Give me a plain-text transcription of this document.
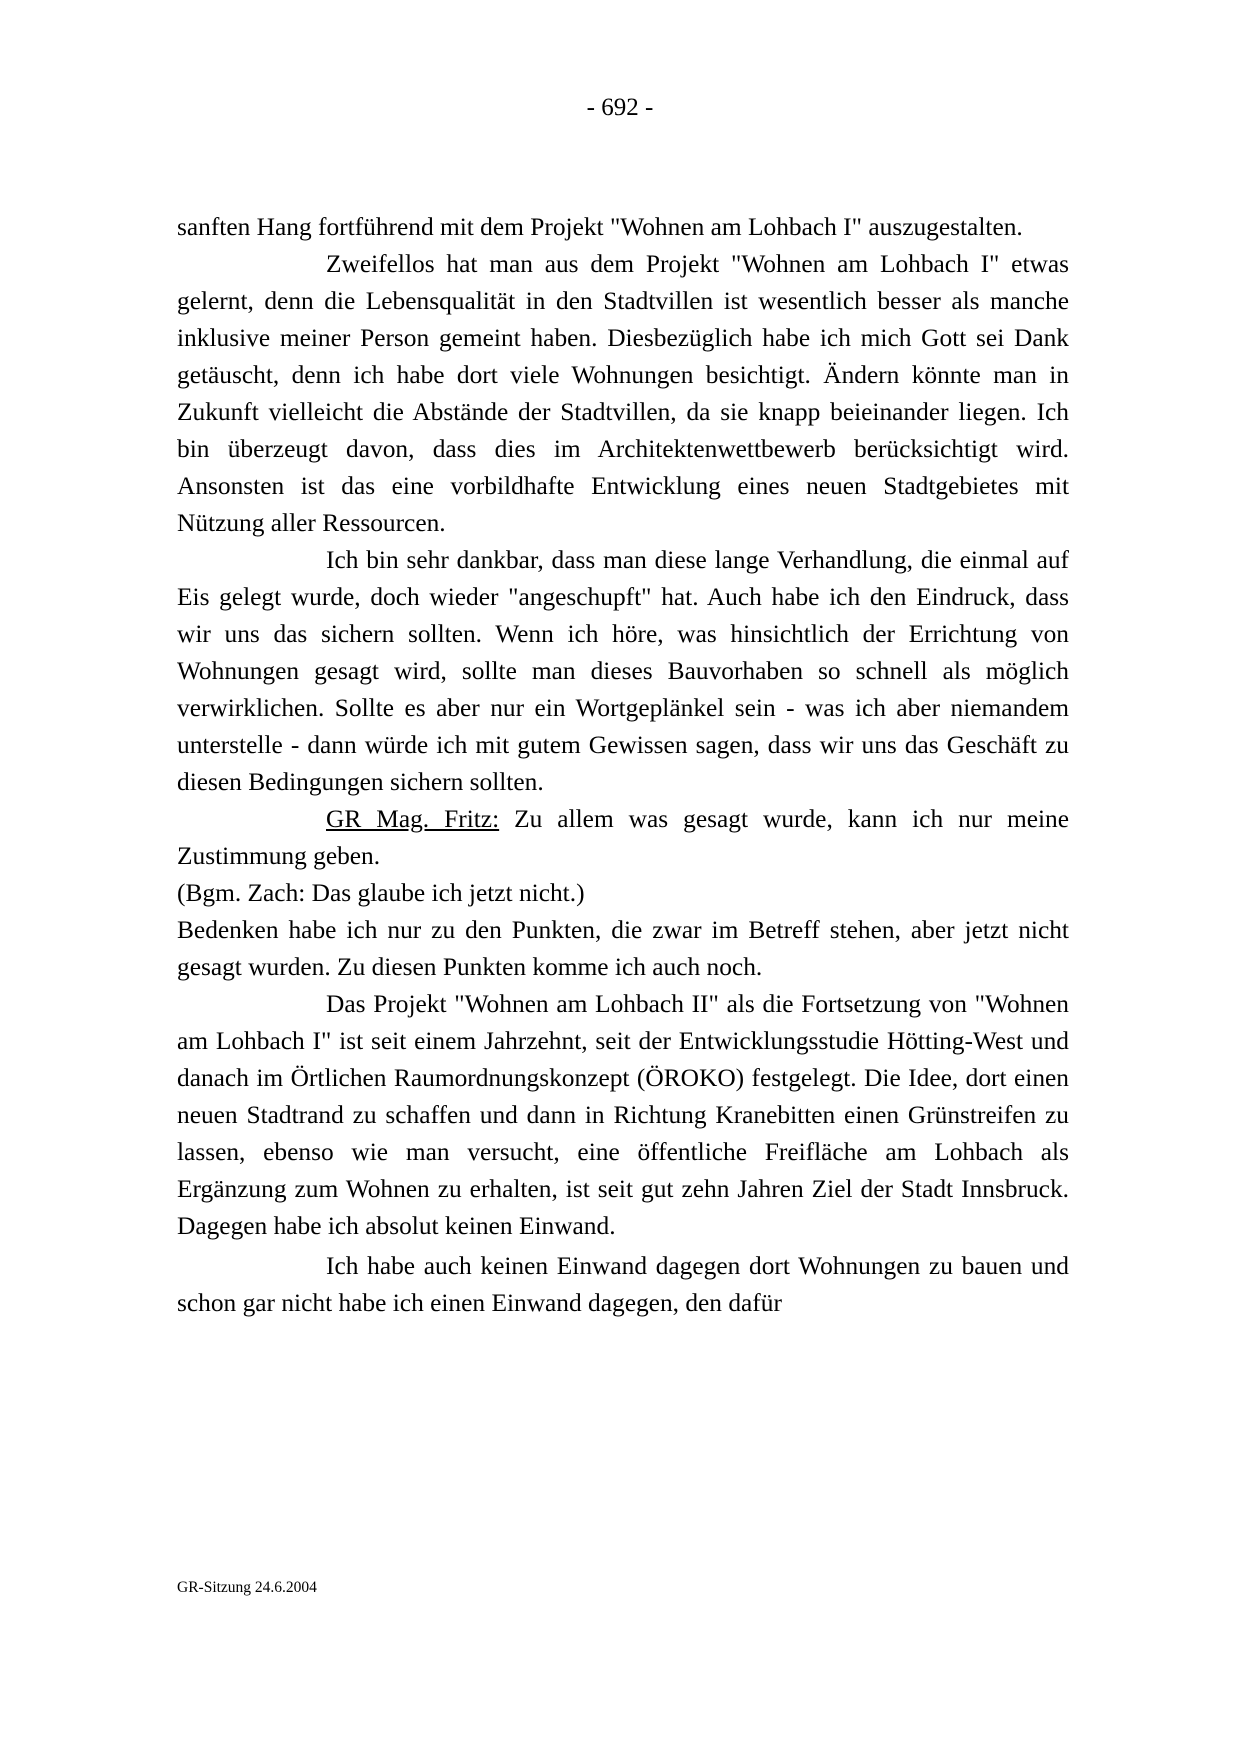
- 692 -

sanften Hang fortführend mit dem Projekt "Wohnen am Lohbach I" auszugestalten.

Zweifellos hat man aus dem Projekt "Wohnen am Lohbach I" etwas gelernt, denn die Lebensqualität in den Stadtvillen ist wesentlich besser als manche inklusive meiner Person gemeint haben. Diesbezüglich habe ich mich Gott sei Dank getäuscht, denn ich habe dort viele Wohnungen besichtigt. Ändern könnte man in Zukunft vielleicht die Abstände der Stadtvillen, da sie knapp beieinander liegen. Ich bin überzeugt davon, dass dies im Architektenwettbewerb berücksichtigt wird. Ansonsten ist das eine vorbildhafte Entwicklung eines neuen Stadtgebietes mit Nützung aller Ressourcen.

Ich bin sehr dankbar, dass man diese lange Verhandlung, die einmal auf Eis gelegt wurde, doch wieder "angeschupft" hat. Auch habe ich den Eindruck, dass wir uns das sichern sollten. Wenn ich höre, was hinsichtlich der Errichtung von Wohnungen gesagt wird, sollte man dieses Bauvorhaben so schnell als möglich verwirklichen. Sollte es aber nur ein Wortgeplänkel sein - was ich aber niemandem unterstelle - dann würde ich mit gutem Gewissen sagen, dass wir uns das Geschäft zu diesen Bedingungen sichern sollten.

GR Mag. Fritz: Zu allem was gesagt wurde, kann ich nur meine Zustimmung geben.

(Bgm. Zach: Das glaube ich jetzt nicht.)

Bedenken habe ich nur zu den Punkten, die zwar im Betreff stehen, aber jetzt nicht gesagt wurden. Zu diesen Punkten komme ich auch noch.

Das Projekt "Wohnen am Lohbach II" als die Fortsetzung von "Wohnen am Lohbach I" ist seit einem Jahrzehnt, seit der Entwicklungsstudie Hötting-West und danach im Örtlichen Raumordnungskonzept (ÖROKO) festgelegt. Die Idee, dort einen neuen Stadtrand zu schaffen und dann in Richtung Kranebitten einen Grünstreifen zu lassen, ebenso wie man versucht, eine öffentliche Freifläche am Lohbach als Ergänzung zum Wohnen zu erhalten, ist seit gut zehn Jahren Ziel der Stadt Innsbruck. Dagegen habe ich absolut keinen Einwand.

Ich habe auch keinen Einwand dagegen dort Wohnungen zu bauen und schon gar nicht habe ich einen Einwand dagegen, den dafür

GR-Sitzung 24.6.2004
